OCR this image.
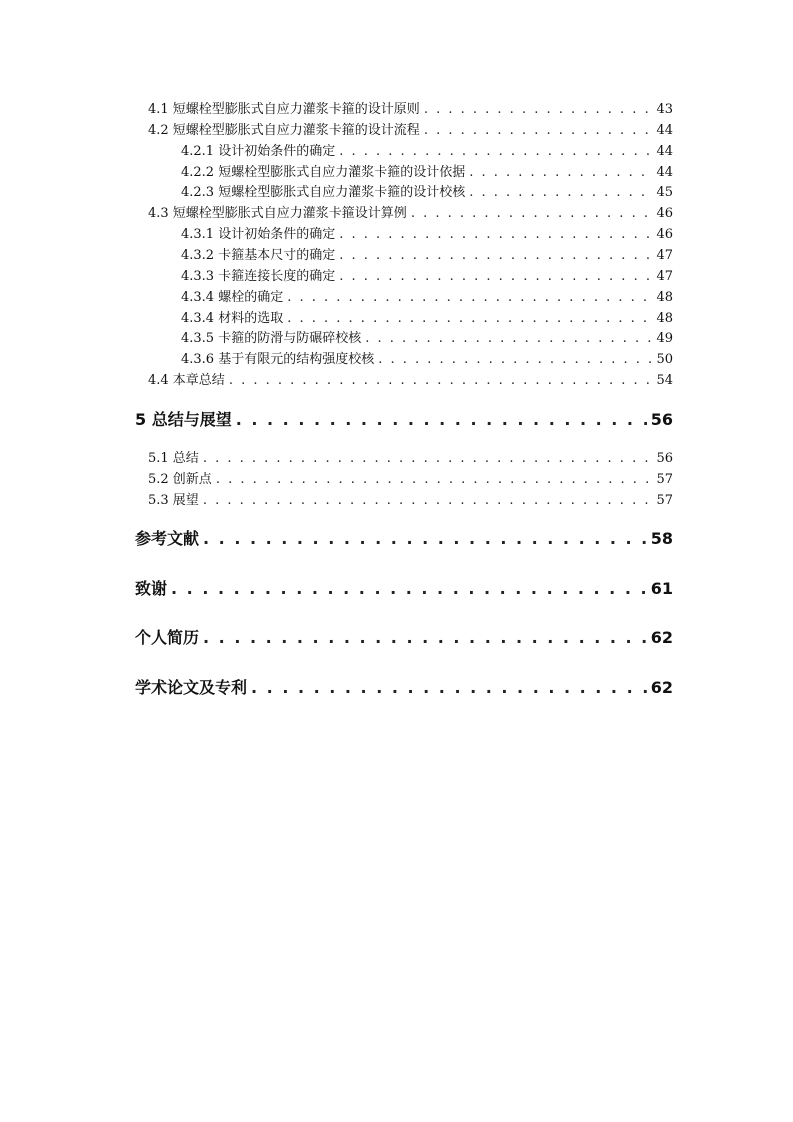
4.1 短螺栓型膨胀式自应力灌浆卡箍的设计原则 . . .	43
4.2 短螺栓型膨胀式自应力灌浆卡箍的设计流程 . . .	44
4.2.1 设计初始条件的确定 . . .	44
4.2.2 短螺栓型膨胀式自应力灌浆卡箍的设计依据 . . .	44
4.2.3 短螺栓型膨胀式自应力灌浆卡箍的设计校核 . . .	45
4.3 短螺栓型膨胀式自应力灌浆卡箍设计算例 . . .	46
4.3.1 设计初始条件的确定 . . .	46
4.3.2 卡箍基本尺寸的确定 . . .	47
4.3.3 卡箍连接长度的确定 . . .	47
4.3.4 螺栓的确定 . . .	48
4.3.4 材料的选取 . . .	48
4.3.5 卡箍的防滑与防碾碎校核 . . .	49
4.3.6 基于有限元的结构强度校核 . . .	50
4.4 本章总结 . . .	54
5 总结与展望 . . .	56
5.1 总结 . . .	56
5.2 创新点 . . .	57
5.3 展望 . . .	57
参考文献 . . .	58
致谢 . . .	61
个人简历 . . .	62
学术论文及专利 . . .	62
